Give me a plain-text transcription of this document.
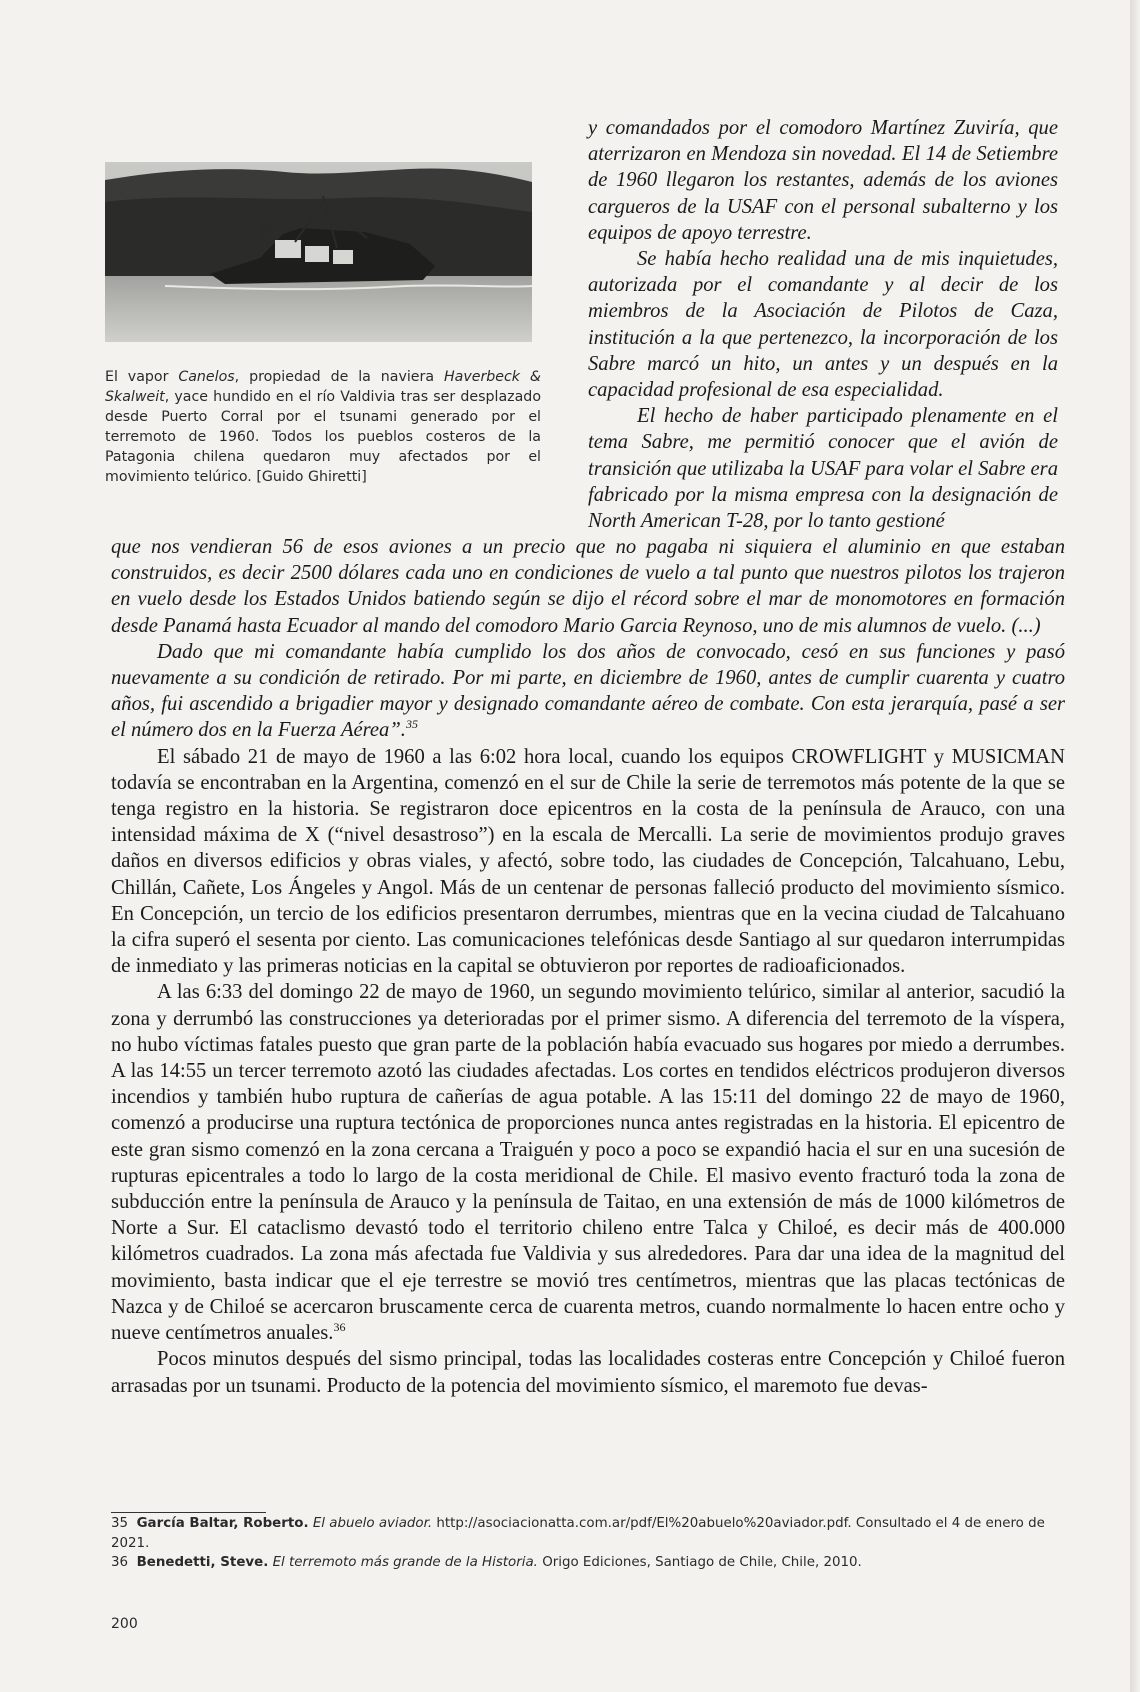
El vapor Canelos, propiedad de la naviera Haverbeck & Skalweit, yace hundido en el río Valdivia tras ser desplazado desde Puerto Corral por el tsunami generado por el terremoto de 1960. Todos los pueblos costeros de la Patagonia chilena quedaron muy afectados por el movimiento telúrico. [Guido Ghiretti]

y comandados por el comodoro Martínez Zuviría, que aterrizaron en Mendoza sin novedad. El 14 de Setiembre de 1960 llegaron los restantes, además de los aviones cargueros de la USAF con el personal subalterno y los equipos de apoyo terrestre.

Se había hecho realidad una de mis inquietudes, autorizada por el comandante y al decir de los miembros de la Asociación de Pilotos de Caza, institución a la que pertenezco, la incorporación de los Sabre marcó un hito, un antes y un después en la capacidad profesional de esa especialidad.

El hecho de haber participado plenamente en el tema Sabre, me permitió conocer que el avión de transición que utilizaba la USAF para volar el Sabre era fabricado por la misma empresa con la designación de North American T-28, por lo tanto gestioné

que nos vendieran 56 de esos aviones a un precio que no pagaba ni siquiera el aluminio en que estaban construidos, es decir 2500 dólares cada uno en condiciones de vuelo a tal punto que nuestros pilotos los trajeron en vuelo desde los Estados Unidos batiendo según se dijo el récord sobre el mar de monomotores en formación desde Panamá hasta Ecuador al mando del comodoro Mario Garcia Reynoso, uno de mis alumnos de vuelo. (...)

Dado que mi comandante había cumplido los dos años de convocado, cesó en sus funciones y pasó nuevamente a su condición de retirado. Por mi parte, en diciembre de 1960, antes de cumplir cuarenta y cuatro años, fui ascendido a brigadier mayor y designado comandante aéreo de combate. Con esta jerarquía, pasé a ser el número dos en la Fuerza Aérea”.$^{35}$

El sábado 21 de mayo de 1960 a las 6:02 hora local, cuando los equipos CROWFLIGHT y MUSICMAN todavía se encontraban en la Argentina, comenzó en el sur de Chile la serie de terremotos más potente de la que se tenga registro en la historia. Se registraron doce epicentros en la costa de la península de Arauco, con una intensidad máxima de X (“nivel desastroso”) en la escala de Mercalli. La serie de movimientos produjo graves daños en diversos edificios y obras viales, y afectó, sobre todo, las ciudades de Concepción, Talcahuano, Lebu, Chillán, Cañete, Los Ángeles y Angol. Más de un centenar de personas falleció producto del movimiento sísmico. En Concepción, un tercio de los edificios presentaron derrumbes, mientras que en la vecina ciudad de Talcahuano la cifra superó el sesenta por ciento. Las comunicaciones telefónicas desde Santiago al sur quedaron interrumpidas de inmediato y las primeras noticias en la capital se obtuvieron por reportes de radioaficionados.

A las 6:33 del domingo 22 de mayo de 1960, un segundo movimiento telúrico, similar al anterior, sacudió la zona y derrumbó las construcciones ya deterioradas por el primer sismo. A diferencia del terremoto de la víspera, no hubo víctimas fatales puesto que gran parte de la población había evacuado sus hogares por miedo a derrumbes. A las 14:55 un tercer terremoto azotó las ciudades afectadas. Los cortes en tendidos eléctricos produjeron diversos incendios y también hubo ruptura de cañerías de agua potable. A las 15:11 del domingo 22 de mayo de 1960, comenzó a producirse una ruptura tectónica de proporciones nunca antes registradas en la historia. El epicentro de este gran sismo comenzó en la zona cercana a Traiguén y poco a poco se expandió hacia el sur en una sucesión de rupturas epicentrales a todo lo largo de la costa meridional de Chile. El masivo evento fracturó toda la zona de subducción entre la península de Arauco y la península de Taitao, en una extensión de más de 1000 kilómetros de Norte a Sur. El cataclismo devastó todo el territorio chileno entre Talca y Chiloé, es decir más de 400.000 kilómetros cuadrados. La zona más afectada fue Valdivia y sus alrededores. Para dar una idea de la magnitud del movimiento, basta indicar que el eje terrestre se movió tres centímetros, mientras que las placas tectónicas de Nazca y de Chiloé se acercaron bruscamente cerca de cuarenta metros, cuando normalmente lo hacen entre ocho y nueve centímetros anuales.$^{36}$

Pocos minutos después del sismo principal, todas las localidades costeras entre Concepción y Chiloé fueron arrasadas por un tsunami. Producto de la potencia del movimiento sísmico, el maremoto fue devas-

35 García Baltar, Roberto. El abuelo aviador. http://asociacionatta.com.ar/pdf/El%20abuelo%20aviador.pdf. Consultado el 4 de enero de 2021.

36 Benedetti, Steve. El terremoto más grande de la Historia. Origo Ediciones, Santiago de Chile, Chile, 2010.

200
